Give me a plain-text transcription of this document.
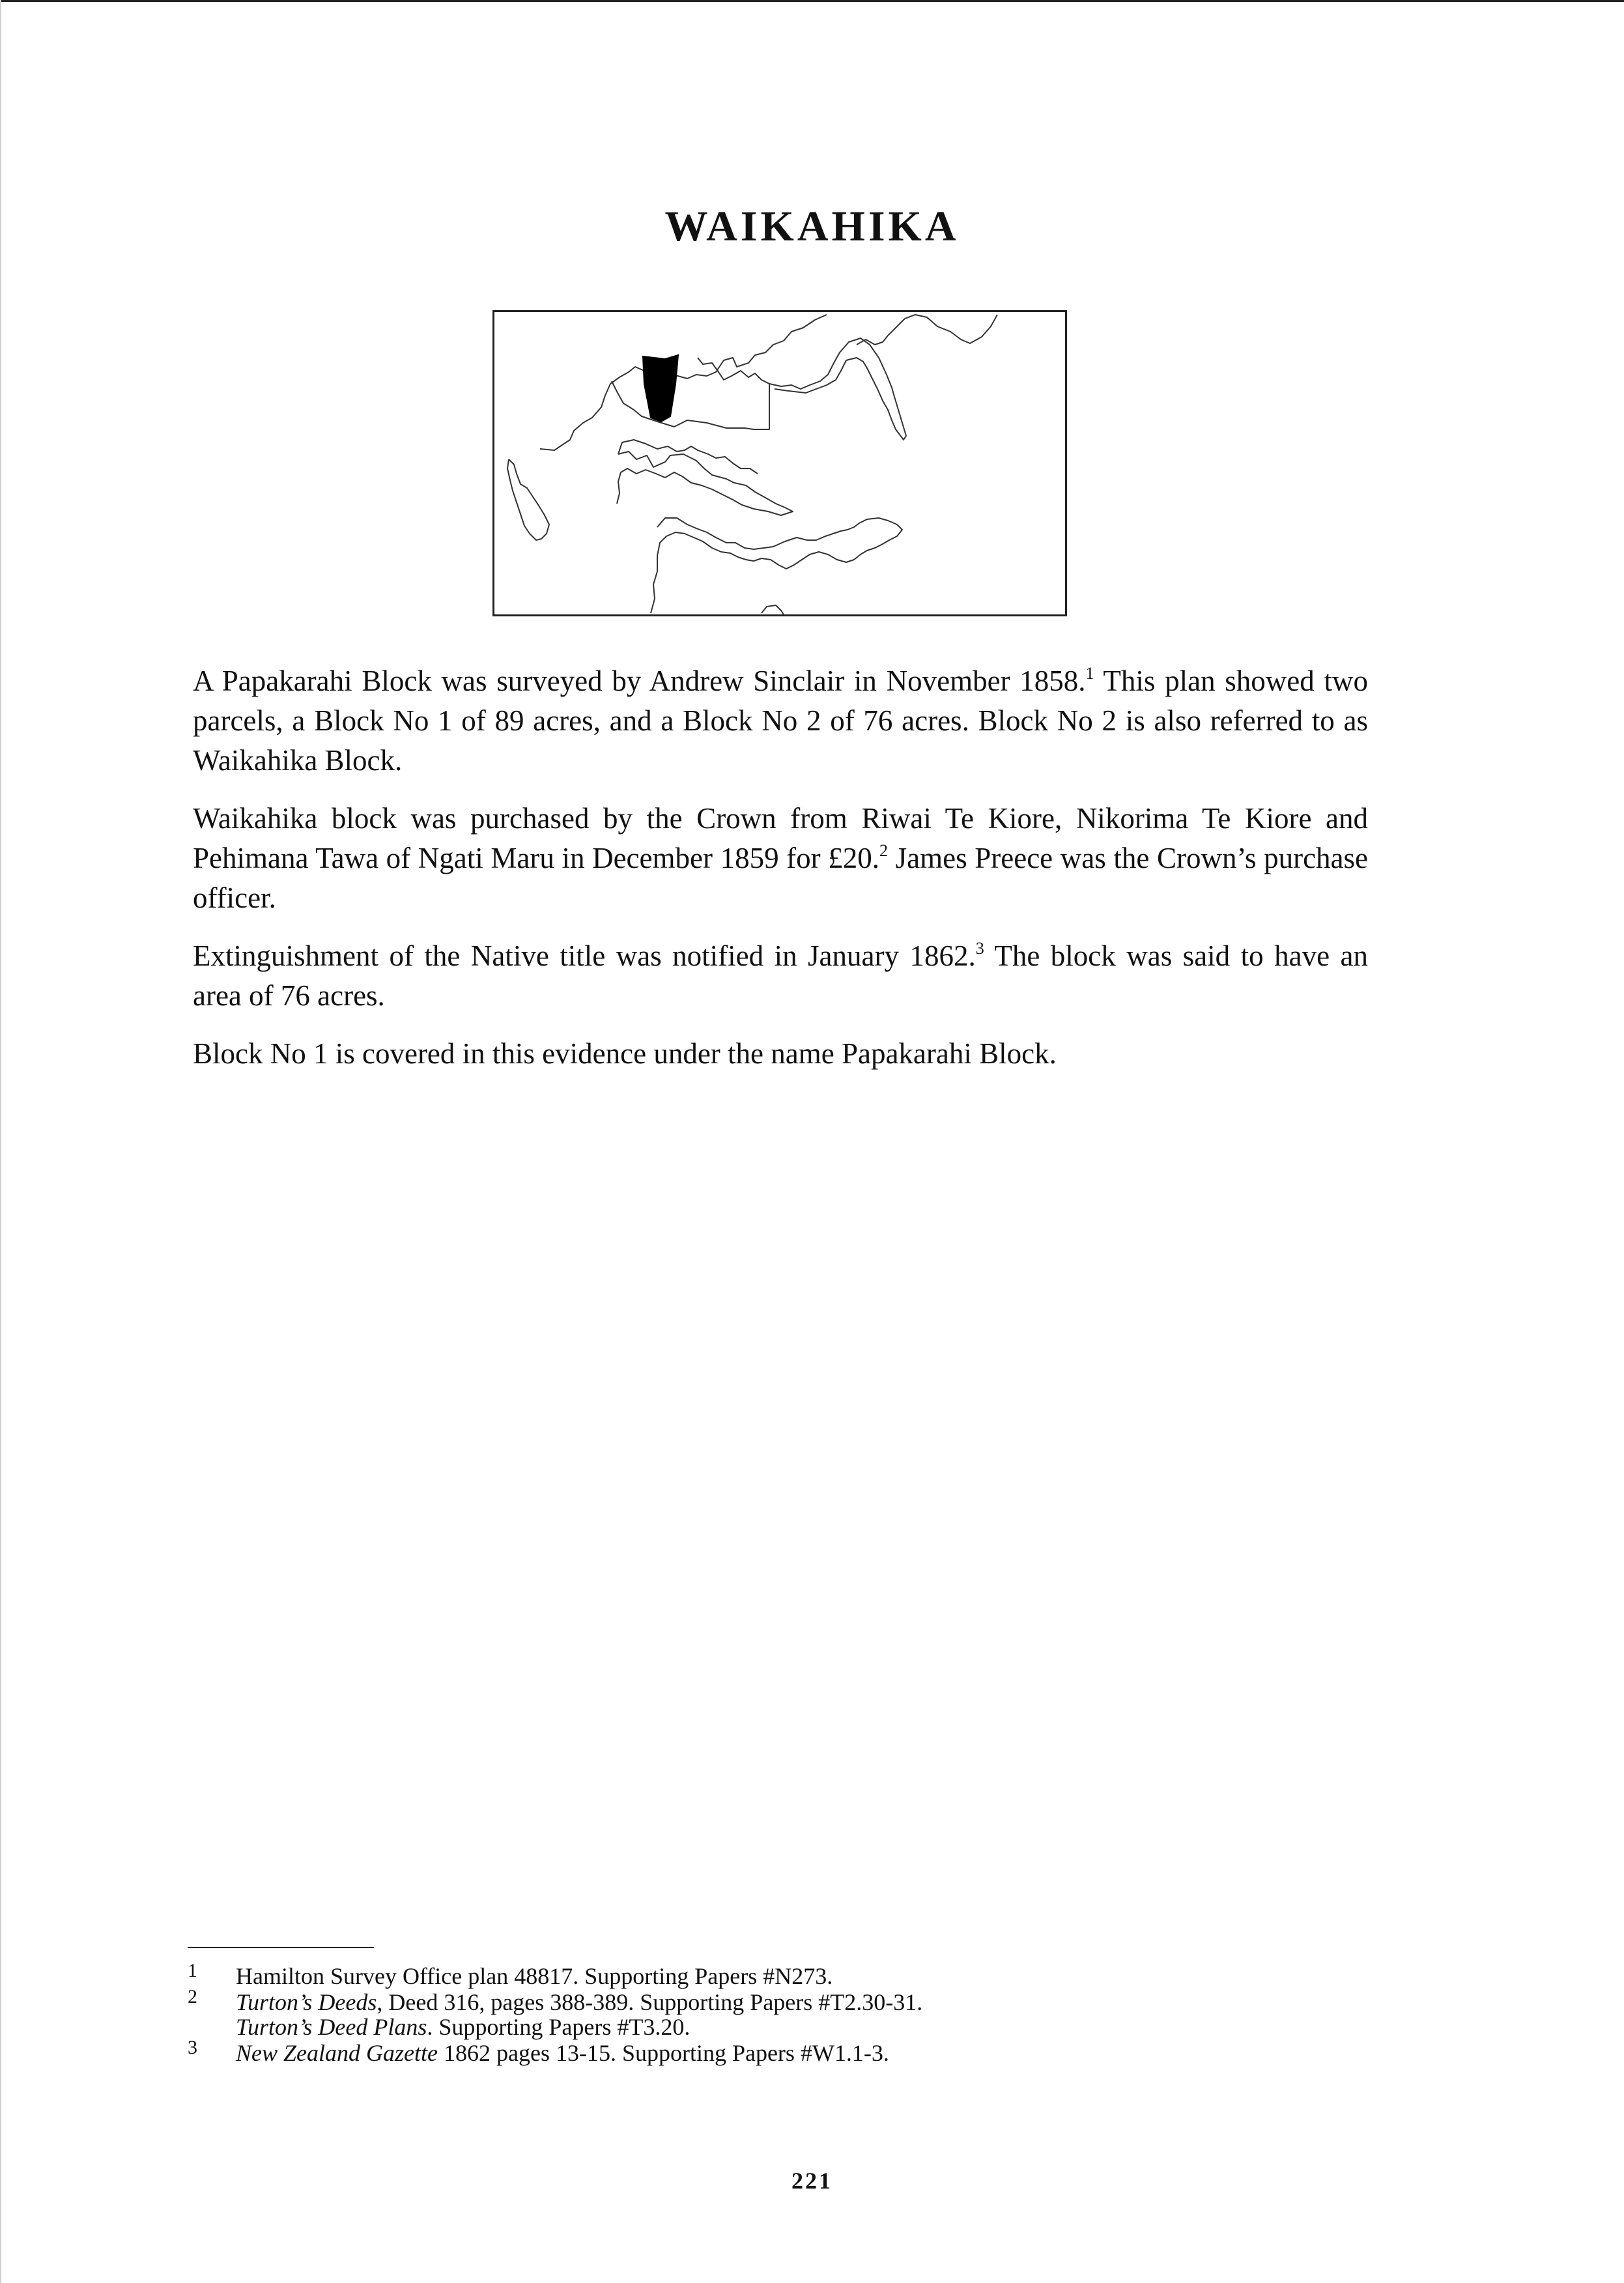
WAIKAHIKA

A Papakarahi Block was surveyed by Andrew Sinclair in November 1858.$^1$ This plan showed two parcels, a Block No 1 of 89 acres, and a Block No 2 of 76 acres. Block No 2 is also referred to as Waikahika Block.

Waikahika block was purchased by the Crown from Riwai Te Kiore, Nikorima Te Kiore and Pehimana Tawa of Ngati Maru in December 1859 for £20.$^2$ James Preece was the Crown’s purchase officer.

Extinguishment of the Native title was notified in January 1862.$^3$ The block was said to have an area of 76 acres.

Block No 1 is covered in this evidence under the name Papakarahi Block.

1 Hamilton Survey Office plan 48817. Supporting Papers #N273.
2 Turton’s Deeds, Deed 316, pages 388-389. Supporting Papers #T2.30-31.
Turton’s Deed Plans. Supporting Papers #T3.20.
3 New Zealand Gazette 1862 pages 13-15. Supporting Papers #W1.1-3.
221
